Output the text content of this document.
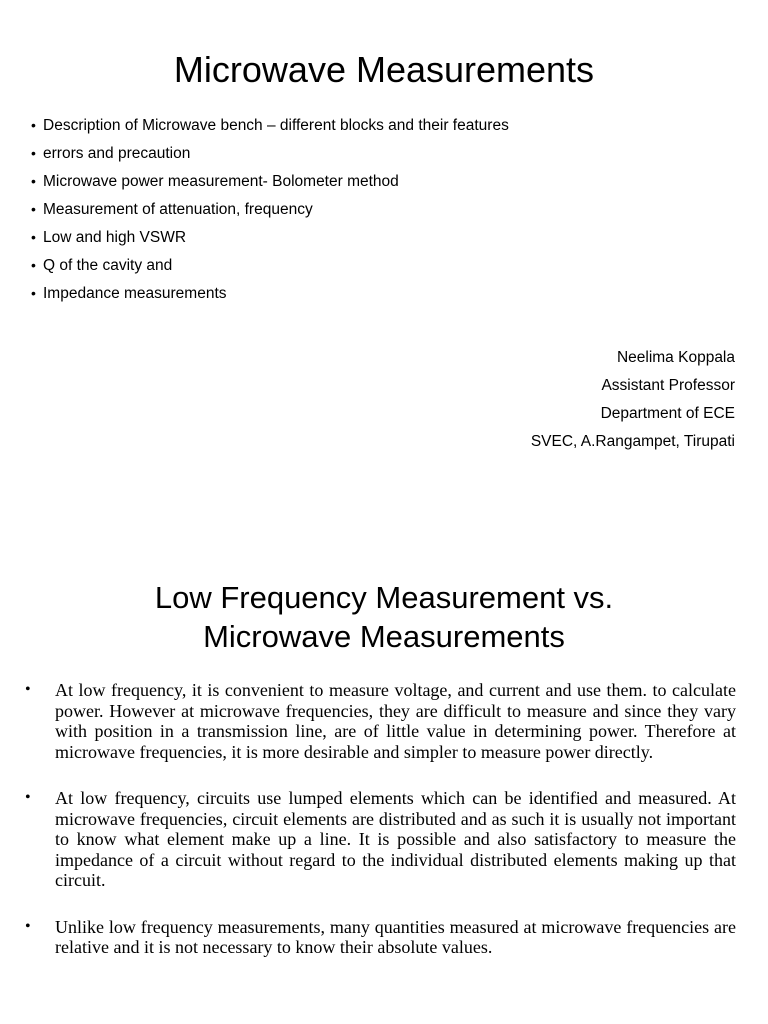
Microwave Measurements
• Description of Microwave bench – different blocks and their features
• errors and precaution
• Microwave power measurement- Bolometer method
• Measurement of attenuation, frequency
• Low and high VSWR
• Q of the cavity and
• Impedance measurements
Neelima Koppala
Assistant Professor
Department of ECE
SVEC, A.Rangampet, Tirupati
Low Frequency Measurement vs.
Microwave Measurements
• At low frequency, it is convenient to measure voltage, and current and use them. to calculate power. However at microwave frequencies, they are difficult to measure and since they vary with position in a transmission line, are of little value in determining power. Therefore at microwave frequencies, it is more desirable and simpler to measure power directly.
• At low frequency, circuits use lumped elements which can be identified and measured. At microwave frequencies, circuit elements are distributed and as such it is usually not important to know what element make up a line. It is possible and also satisfactory to measure the impedance of a circuit without regard to the individual distributed elements making up that circuit.
• Unlike low frequency measurements, many quantities measured at microwave frequencies are relative and it is not necessary to know their absolute values.
